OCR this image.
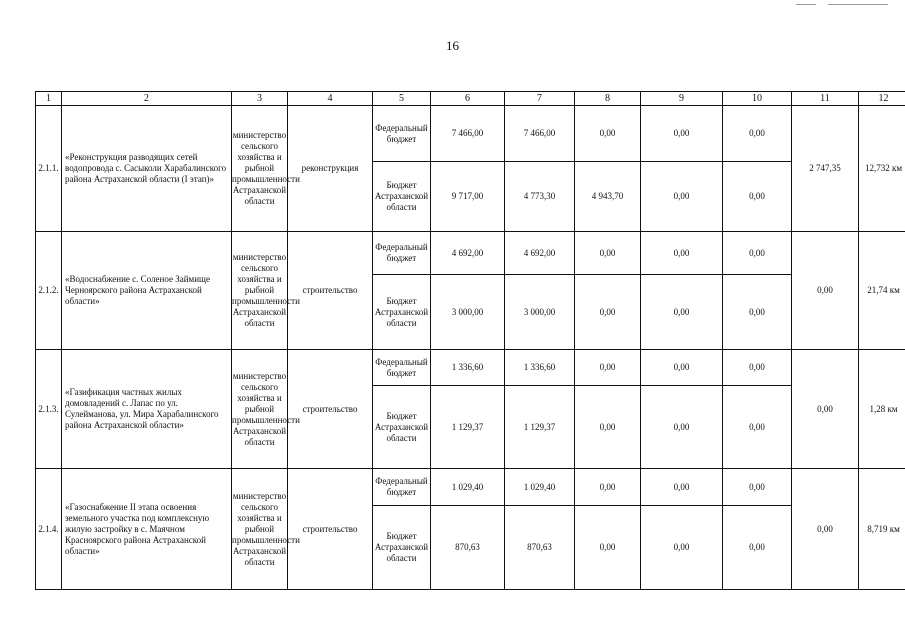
16
1	2	3	4	5	6	7	8	9	10	11	12
2.1.1.	«Реконструкция разводящих сетей водопровода с. Сасыколи Харабалинского района Астраханской области (I этап)»	министерство сельского хозяйства и рыбной промышленности Астраханской области	реконструкция	Федеральный бюджет	7 466,00	7 466,00	0,00	0,00	0,00	2 747,35	12,732 км
				Бюджет Астраханской области	9 717,00	4 773,30	4 943,70	0,00	0,00		
2.1.2.	«Водоснабжение с. Соленое Займище Черноярского района Астраханской области»	министерство сельского хозяйства и рыбной промышленности Астраханской области	строительство	Федеральный бюджет	4 692,00	4 692,00	0,00	0,00	0,00	0,00	21,74 км
				Бюджет Астраханской области	3 000,00	3 000,00	0,00	0,00	0,00		
2.1.3.	«Газификация частных жилых домовладений с. Лапас по ул. Сулейманова, ул. Мира Харабалинского района Астраханской области»	министерство сельского хозяйства и рыбной промышленности Астраханской области	строительство	Федеральный бюджет	1 336,60	1 336,60	0,00	0,00	0,00	0,00	1,28 км
				Бюджет Астраханской области	1 129,37	1 129,37	0,00	0,00	0,00		
2.1.4.	«Газоснабжение II этапа освоения земельного участка под комплексную жилую застройку в с. Маячном Красноярского района Астраханской области»	министерство сельского хозяйства и рыбной промышленности Астраханской области	строительство	Федеральный бюджет	1 029,40	1 029,40	0,00	0,00	0,00	0,00	8,719 км
				Бюджет Астраханской области	870,63	870,63	0,00	0,00	0,00		
